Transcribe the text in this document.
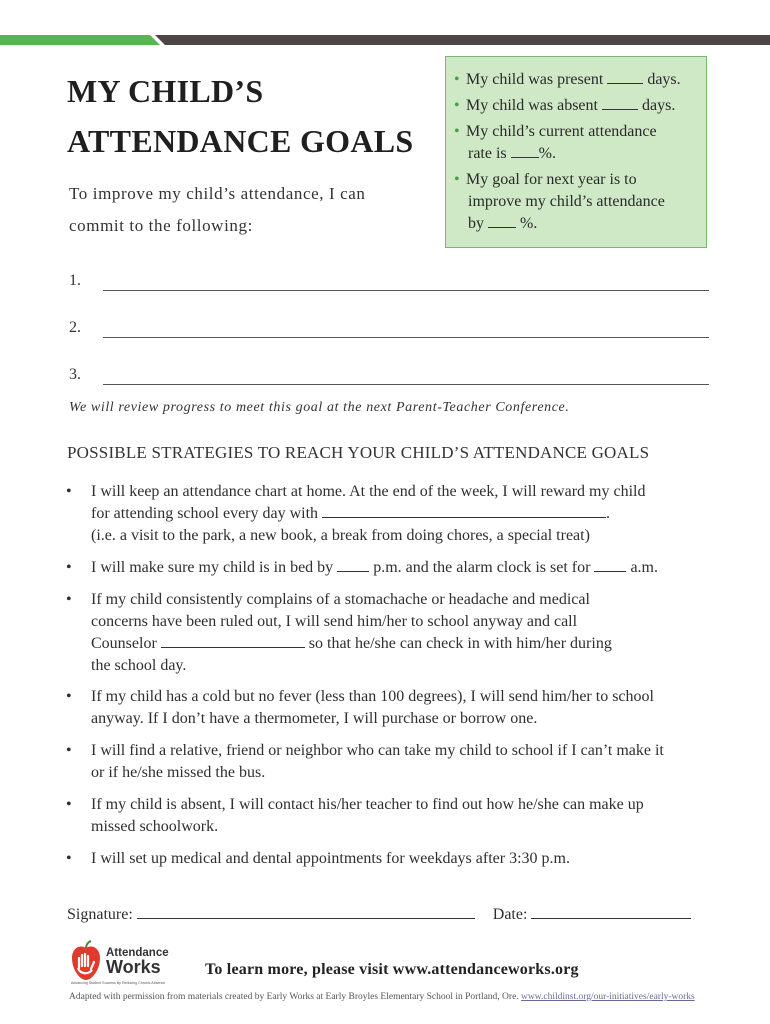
MY CHILD’S
ATTENDANCE GOALS
To improve my child’s attendance, I can
commit to the following:
• My child was present	days.
• My child was absent	days.
• My child’s current attendance
rate is %.
• My goal for next year is to
improve my child’s attendance
by %.
1.
2.
3.
We will review progress to meet this goal at the next Parent-Teacher Conference.
POSSIBLE STRATEGIES TO REACH YOUR CHILD’S ATTENDANCE GOALS
• I will keep an attendance chart at home. At the end of the week, I will reward my child
for attending school every day with	.
(i.e. a visit to the park, a new book, a break from doing chores, a special treat)
• I will make sure my child is in bed by	p.m. and the alarm clock is set for	a.m.
• If my child consistently complains of a stomachache or headache and medical
concerns have been ruled out, I will send him/her to school anyway and call
Counselor	so that he/she can check in with him/her during
the school day.
• If my child has a cold but no fever (less than 100 degrees), I will send him/her to school
anyway. If I don’t have a thermometer, I will purchase or borrow one.
• I will find a relative, friend or neighbor who can take my child to school if I can’t make it
or if he/she missed the bus.
• If my child is absent, I will contact his/her teacher to find out how he/she can make up
missed schoolwork.
• I will set up medical and dental appointments for weekdays after 3:30 p.m.
Signature:	Date:
Attendance
Works
Advancing Student Success By Reducing Chronic Absence
To learn more, please visit www.attendanceworks.org
Adapted with permission from materials created by Early Works at Early Broyles Elementary School in Portland, Ore. www.childinst.org/our-initiatives/early-works
